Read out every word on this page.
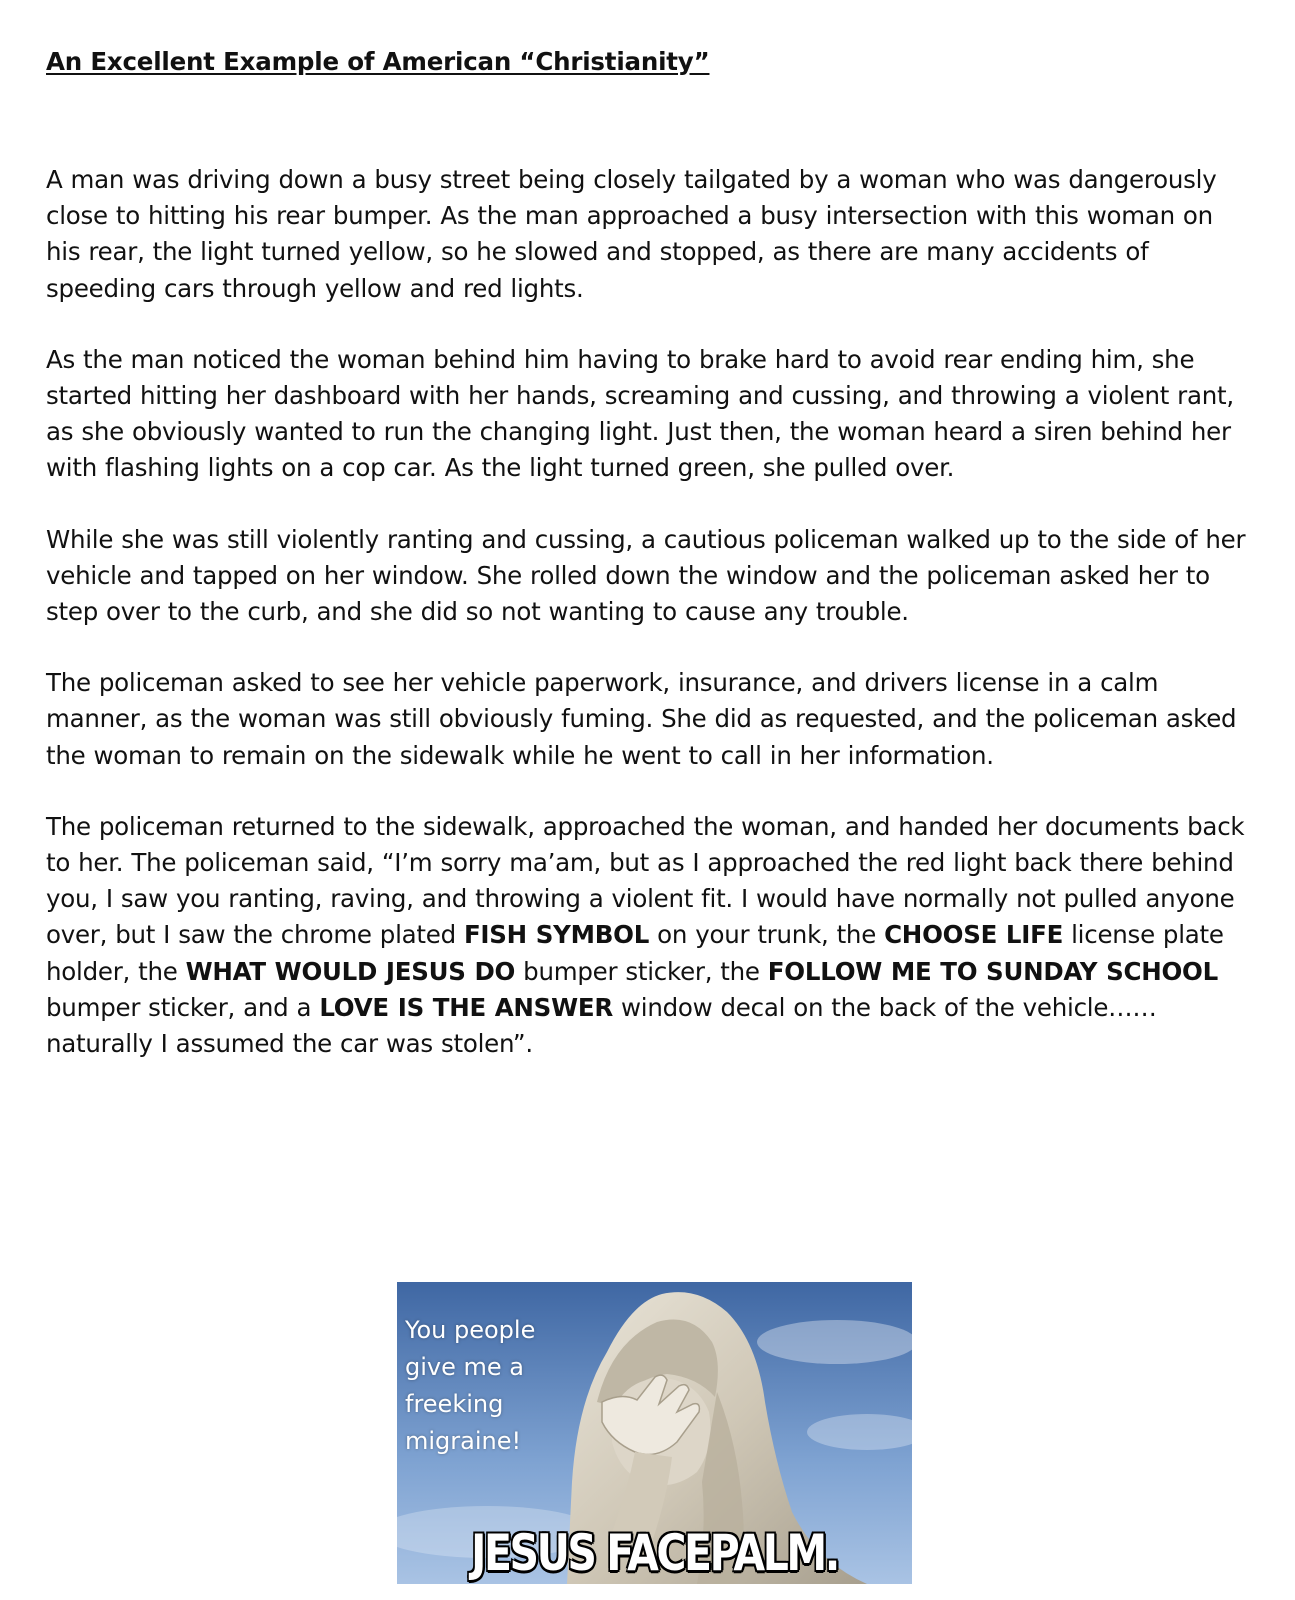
An Excellent Example of American “Christianity”

A man was driving down a busy street being closely tailgated by a woman who was dangerously close to hitting his rear bumper. As the man approached a busy intersection with this woman on his rear, the light turned yellow, so he slowed and stopped, as there are many accidents of speeding cars through yellow and red lights.

As the man noticed the woman behind him having to brake hard to avoid rear ending him, she started hitting her dashboard with her hands, screaming and cussing, and throwing a violent rant, as she obviously wanted to run the changing light. Just then, the woman heard a siren behind her with flashing lights on a cop car. As the light turned green, she pulled over.

While she was still violently ranting and cussing, a cautious policeman walked up to the side of her vehicle and tapped on her window. She rolled down the window and the policeman asked her to step over to the curb, and she did so not wanting to cause any trouble.

The policeman asked to see her vehicle paperwork, insurance, and drivers license in a calm manner, as the woman was still obviously fuming. She did as requested, and the policeman asked the woman to remain on the sidewalk while he went to call in her information.

The policeman returned to the sidewalk, approached the woman, and handed her documents back to her. The policeman said, “I’m sorry ma’am, but as I approached the red light back there behind you, I saw you ranting, raving, and throwing a violent fit. I would have normally not pulled anyone over, but I saw the chrome plated FISH SYMBOL on your trunk, the CHOOSE LIFE license plate holder, the WHAT WOULD JESUS DO bumper sticker, the FOLLOW ME TO SUNDAY SCHOOL bumper sticker, and a LOVE IS THE ANSWER window decal on the back of the vehicle……naturally I assumed the car was stolen”.

You people
give me a
freeking
migraine!
JESUS FACEPALM.
